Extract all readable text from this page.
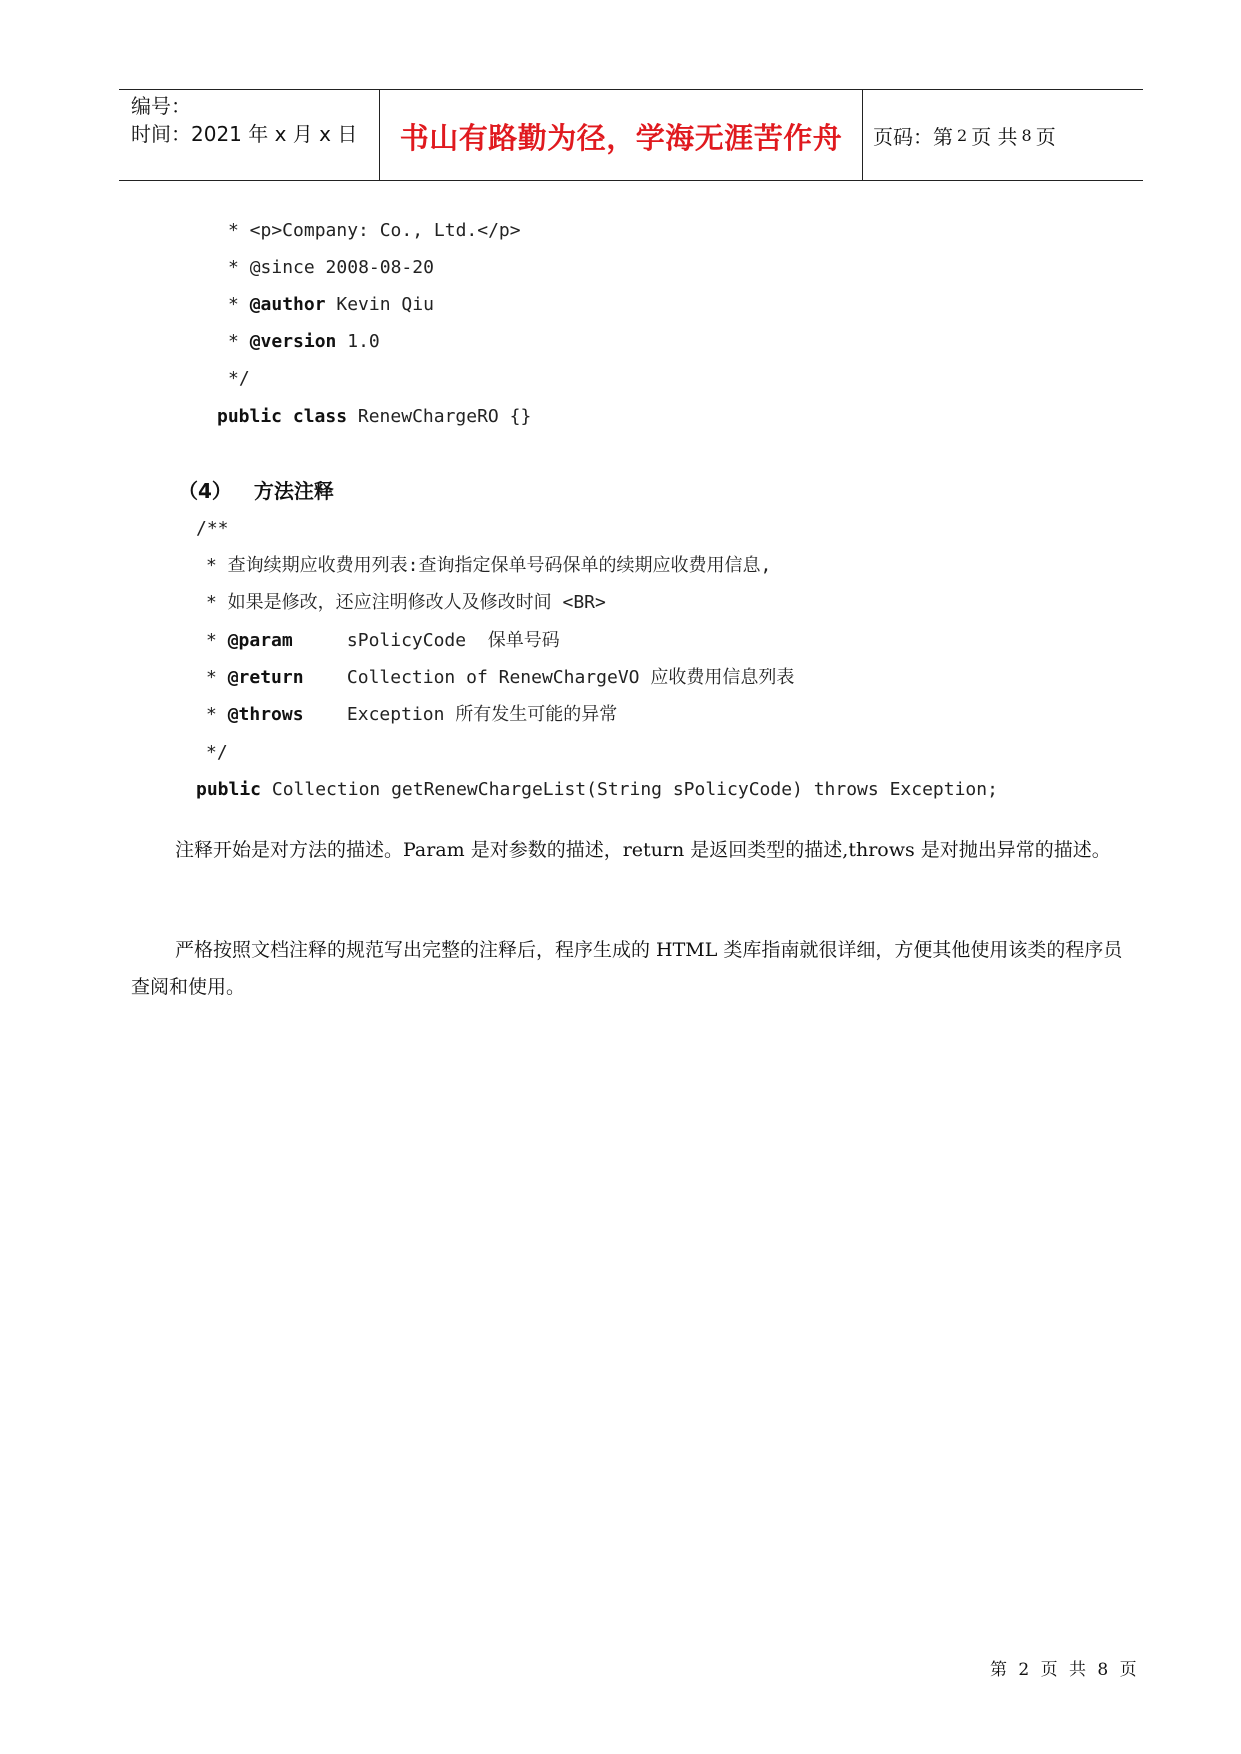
编号：
时间：2021 年 x 月 x 日	书山有路勤为径，学海无涯苦作舟 页码：第 2 页 共 8 页
* <p>Company: Co., Ltd.</p>
* @since 2008-08-20
* @author Kevin Qiu
* @version 1.0
*/
public class RenewChargeRO {}
（4） 方法注释
/**
* 查询续期应收费用列表:查询指定保单号码保单的续期应收费用信息,
* 如果是修改，还应注明修改人及修改时间 <BR>
* @param     sPolicyCode  保单号码
* @return    Collection of RenewChargeVO 应收费用信息列表
* @throws    Exception 所有发生可能的异常
*/
public Collection getRenewChargeList(String sPolicyCode) throws Exception;

注释开始是对方法的描述。Param 是对参数的描述，return 是返回类型的描述,throws 是对抛出异常的描述。

严格按照文档注释的规范写出完整的注释后，程序生成的 HTML 类库指南就很详细，方便其他使用该类的程序员查阅和使用。

第 2 页 共 8 页
